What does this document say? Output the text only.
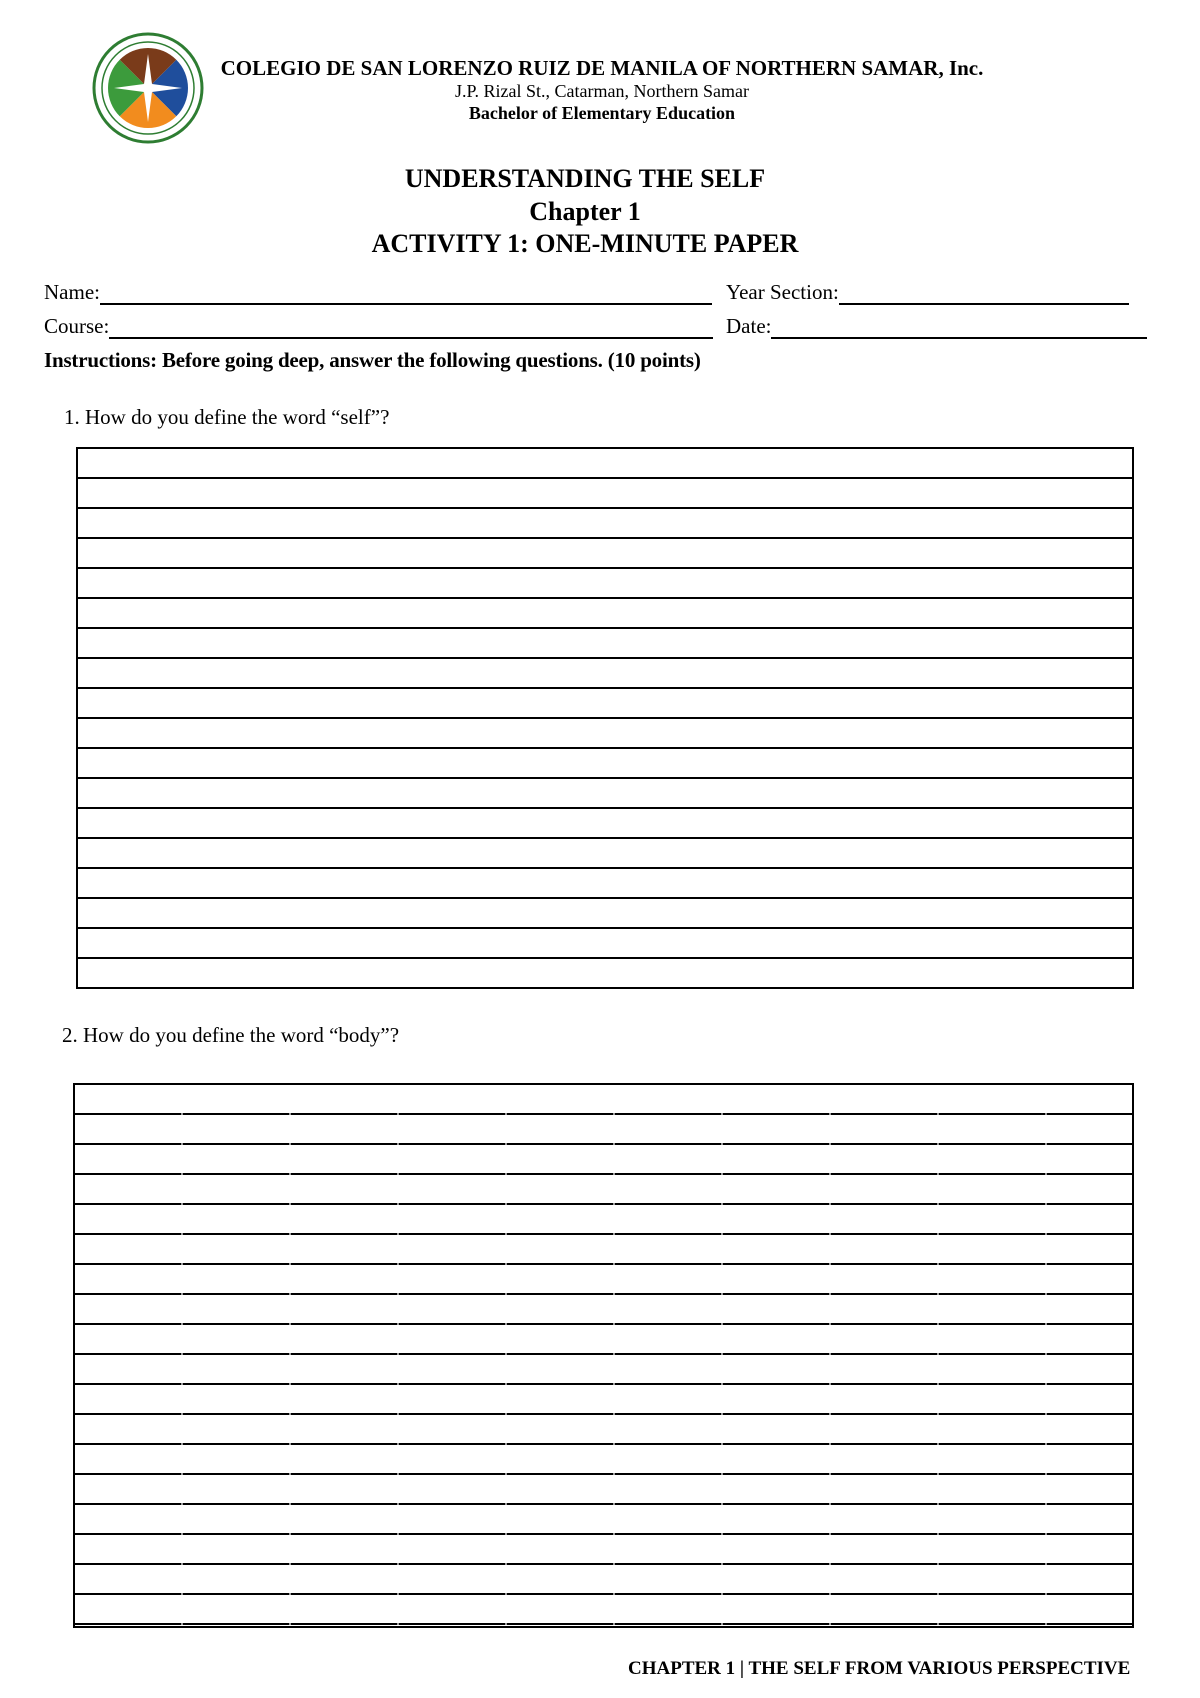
COLEGIO DE SAN LORENZO RUIZ DE MANILA OF NORTHERN SAMAR, Inc.
J.P. Rizal St., Catarman, Northern Samar
Bachelor of Elementary Education
UNDERSTANDING THE SELF
Chapter 1
ACTIVITY 1: ONE-MINUTE PAPER
Name:	Year Section:
Course:	Date:
Instructions: Before going deep, answer the following questions. (10 points)
1. How do you define the word “self”?
2. How do you define the word “body”?
CHAPTER 1 | THE SELF FROM VARIOUS PERSPECTIVE
